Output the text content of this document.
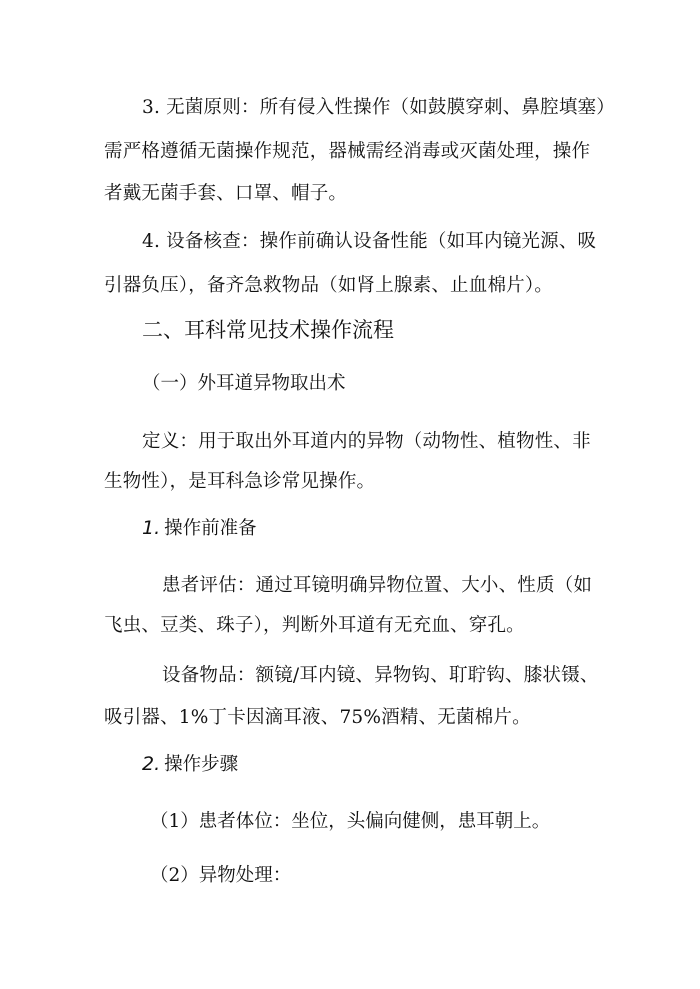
3. 无菌原则：所有侵入性操作（如鼓膜穿刺、鼻腔填塞）
需严格遵循无菌操作规范，器械需经消毒或灭菌处理，操作
者戴无菌手套、口罩、帽子。
4. 设备核查：操作前确认设备性能（如耳内镜光源、吸
引器负压），备齐急救物品（如肾上腺素、止血棉片）。
二、耳科常见技术操作流程
（一）外耳道异物取出术
定义：用于取出外耳道内的异物（动物性、植物性、非
生物性），是耳科急诊常见操作。
1. 操作前准备
患者评估：通过耳镜明确异物位置、大小、性质（如
飞虫、豆类、珠子），判断外耳道有无充血、穿孔。
设备物品：额镜/耳内镜、异物钩、耵聍钩、膝状镊、
吸引器、1%丁卡因滴耳液、75%酒精、无菌棉片。
2. 操作步骤
（1）患者体位：坐位，头偏向健侧，患耳朝上。
（2）异物处理：
